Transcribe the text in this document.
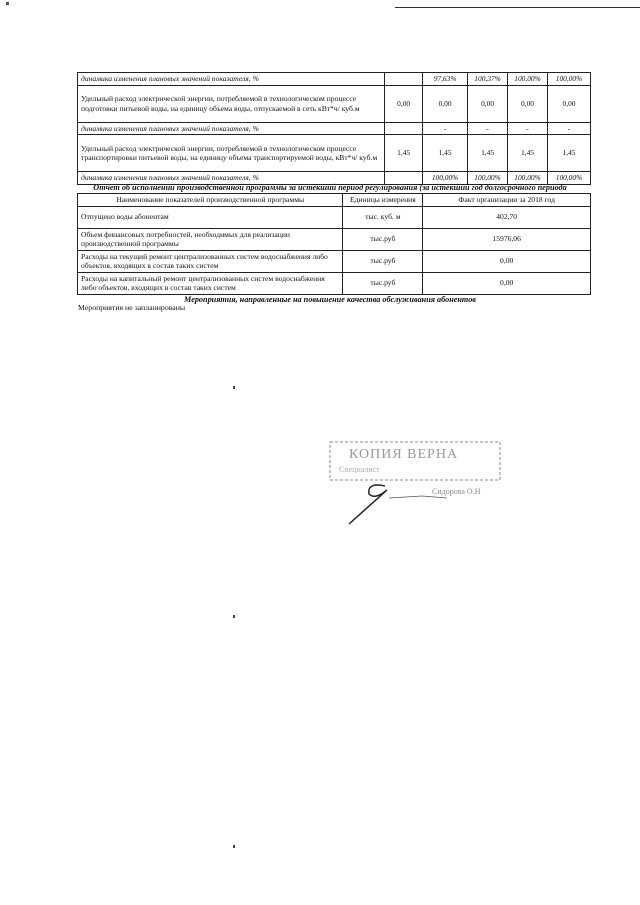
динамика изменения плановых значений показателя, %		97,63%	100,37%	100,00%	100,00%
Удельный расход электрической энергии, потребляемой в технологическом процессе подготовки питьевой воды, на единицу объема воды, отпускаемой в сеть кВт*ч/ куб.м	0,00	0,00	0,00	0,00	0,00
динамика изменения плановых значений показателя, %		-	-	-	-
Удельный расход электрической энергии, потребляемой в технологическом процессе транспортировки питьевой воды, на единицу объема транспортируемой воды, кВт*ч/ куб.м	1,45	1,45	1,45	1,45	1,45
динамика изменения плановых значений показателя, %		100,00%	100,00%	100,00%	100,00%
Отчет об исполнении производственной программы за истекший период регулирования (за истекший год долгосрочного периода
Наименование показателей производственной программы	Единицы измерения	Факт организации за 2018 год
Отпущено воды абонентам	тыс. куб. м	402,70
Объем финансовых потребностей, необходимых для реализации производственной программы	тыс.руб	15976,06
Расходы на текущий ремонт централизованных систем водоснабжения либо объектов, входящих в состав таких систем	тыс.руб	0,00
Расходы на капитальный ремонт централизованных систем водоснабжения либо объектов, входящих в состав таких систем	тыс.руб	0,00
Мероприятия, направленные на повышение качества обслуживания абонентов
Мероприятия не запланированы
КОПИЯ ВЕРНА
Специалист
Сидорова О.Н
